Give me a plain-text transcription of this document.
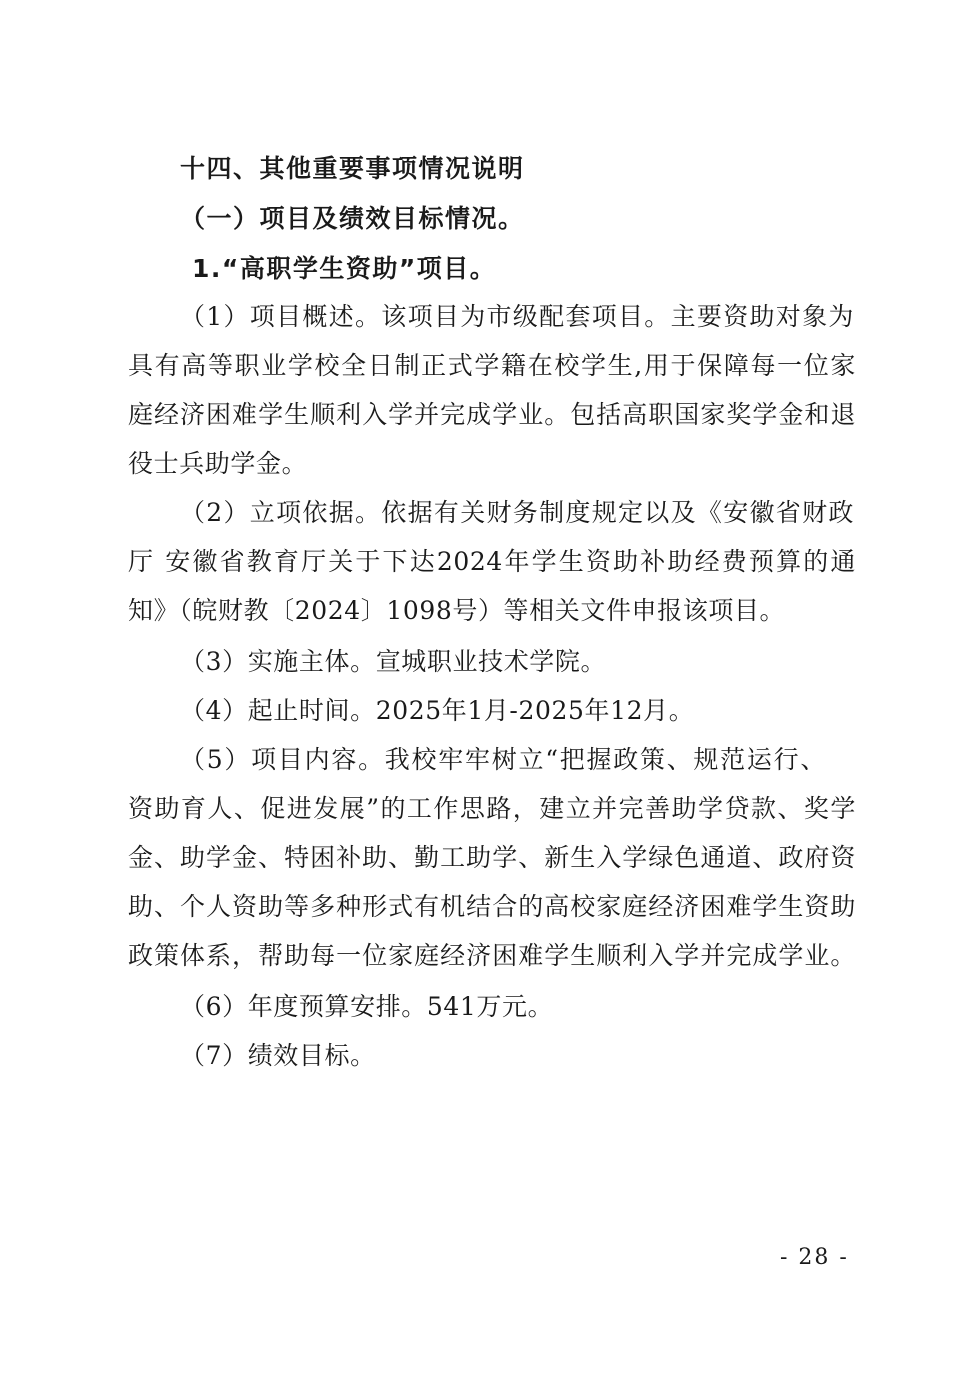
十四、其他重要事项情况说明
（一）项目及绩效目标情况。
1.“高职学生资助”项目。
（1）项目概述。该项目为市级配套项目。主要资助对象为
具有高等职业学校全日制正式学籍在校学生,用于保障每一位家
庭经济困难学生顺利入学并完成学业。包括高职国家奖学金和退
役士兵助学金。
（2）立项依据。依据有关财务制度规定以及《安徽省财政
厅 安徽省教育厅关于下达2024年学生资助补助经费预算的通
知》（皖财教〔2024〕1098号）等相关文件申报该项目。
（3）实施主体。宣城职业技术学院。
（4）起止时间。2025年1月-2025年12月。
（5）项目内容。我校牢牢树立“把握政策、规范运行、
资助育人、促进发展”的工作思路，建立并完善助学贷款、奖学
金、助学金、特困补助、勤工助学、新生入学绿色通道、政府资
助、个人资助等多种形式有机结合的高校家庭经济困难学生资助
政策体系，帮助每一位家庭经济困难学生顺利入学并完成学业。
（6）年度预算安排。541万元。
（7）绩效目标。
- 28 -
